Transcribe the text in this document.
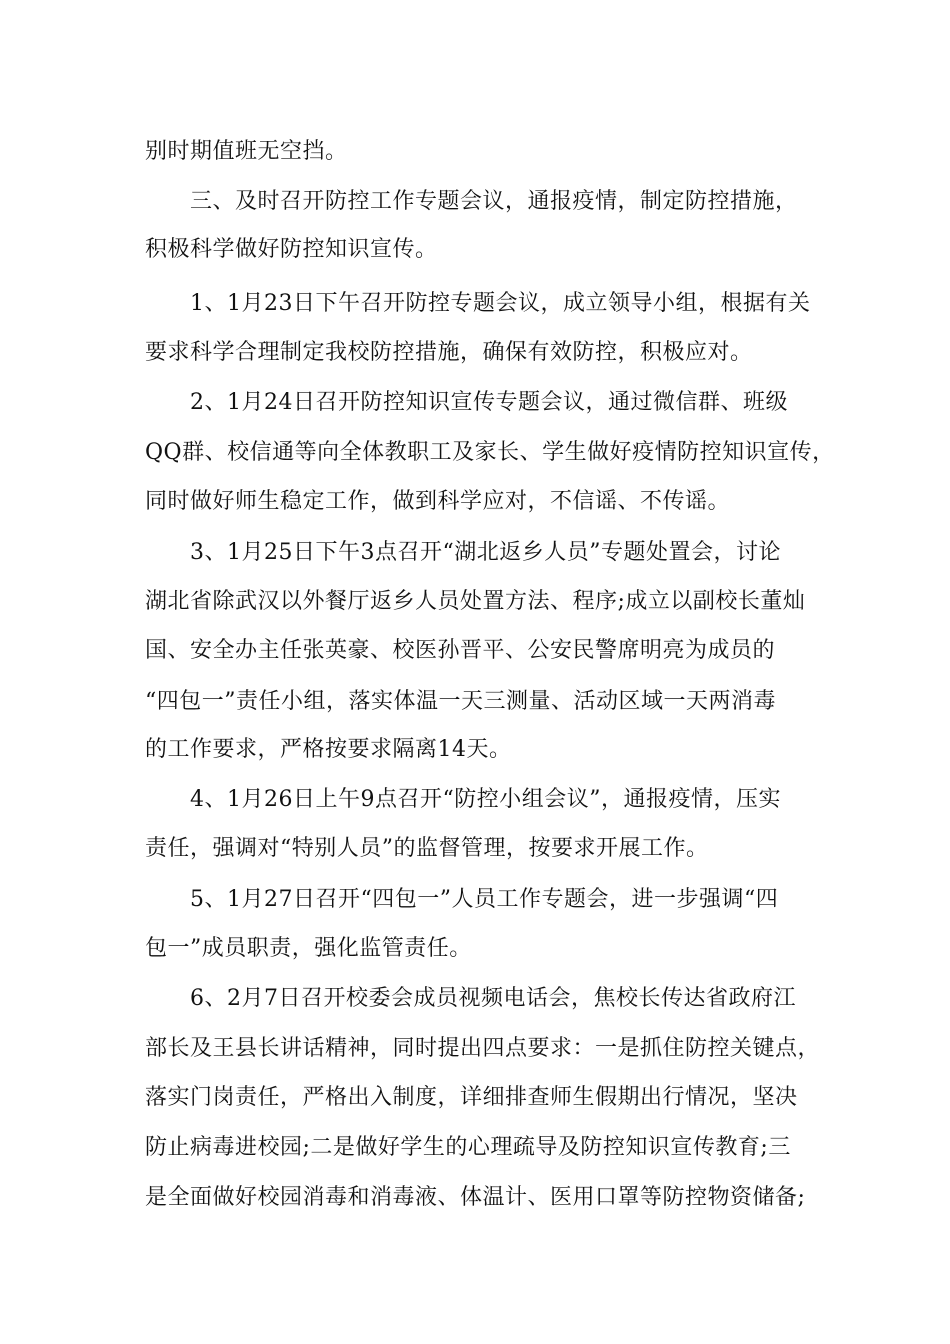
别时期值班无空挡。
三、及时召开防控工作专题会议，通报疫情，制定防控措施，
积极科学做好防控知识宣传。
1、1月23日下午召开防控专题会议，成立领导小组，根据有关
要求科学合理制定我校防控措施，确保有效防控，积极应对。
2、1月24日召开防控知识宣传专题会议，通过微信群、班级
QQ群、校信通等向全体教职工及家长、学生做好疫情防控知识宣传，
同时做好师生稳定工作，做到科学应对，不信谣、不传谣。
3、1月25日下午3点召开“湖北返乡人员”专题处置会，讨论
湖北省除武汉以外餐厅返乡人员处置方法、程序;成立以副校长董灿
国、安全办主任张英豪、校医孙晋平、公安民警席明亮为成员的
“四包一”责任小组，落实体温一天三测量、活动区域一天两消毒
的工作要求，严格按要求隔离14天。
4、1月26日上午9点召开“防控小组会议”，通报疫情，压实
责任，强调对“特别人员”的监督管理，按要求开展工作。
5、1月27日召开“四包一”人员工作专题会，进一步强调“四
包一”成员职责，强化监管责任。
6、2月7日召开校委会成员视频电话会，焦校长传达省政府江
部长及王县长讲话精神，同时提出四点要求：一是抓住防控关键点，
落实门岗责任，严格出入制度，详细排查师生假期出行情况，坚决
防止病毒进校园;二是做好学生的心理疏导及防控知识宣传教育;三
是全面做好校园消毒和消毒液、体温计、医用口罩等防控物资储备;
